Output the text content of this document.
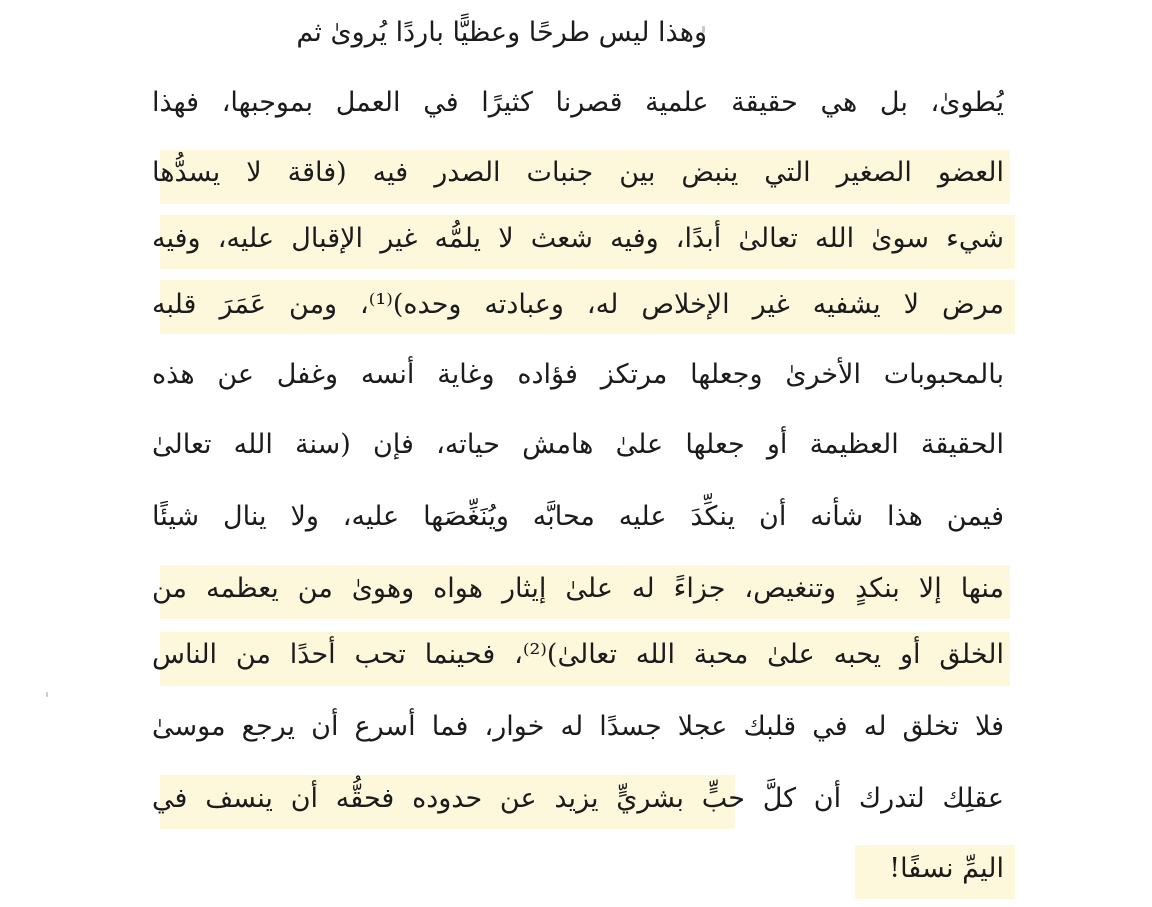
وهذا ليس طرحًا وعظيًّا باردًا يُروىٰ ثم
يُطوىٰ، بل هي حقيقة علمية قصرنا كثيرًا في العمل بموجبها، فهذا
العضو الصغير التي ينبض بين جنبات الصدر فيه (فاقة لا يسدُّها
شيء سوىٰ الله تعالىٰ أبدًا، وفيه شعث لا يلمُّه غير الإقبال عليه، وفيه
مرض لا يشفيه غير الإخلاص له، وعبادته وحده)⁽¹⁾، ومن عَمَرَ قلبه
بالمحبوبات الأخرىٰ وجعلها مرتكز فؤاده وغاية أنسه وغفل عن هذه
الحقيقة العظيمة أو جعلها علىٰ هامش حياته، فإن (سنة الله تعالىٰ
فيمن هذا شأنه أن ينكِّدَ عليه محابَّه ويُنَغِّصَها عليه، ولا ينال شيئًا
منها إلا بنكدٍ وتنغيص، جزاءً له علىٰ إيثار هواه وهوىٰ من يعظمه من
الخلق أو يحبه علىٰ محبة الله تعالىٰ)⁽²⁾، فحينما تحب أحدًا من الناس
فلا تخلق له في قلبك عجلا جسدًا له خوار، فما أسرع أن يرجع موسىٰ
عقلِك لتدرك أن كلَّ حبٍّ بشريٍّ يزيد عن حدوده فحقُّه أن ينسف في
اليمِّ نسفًا!
